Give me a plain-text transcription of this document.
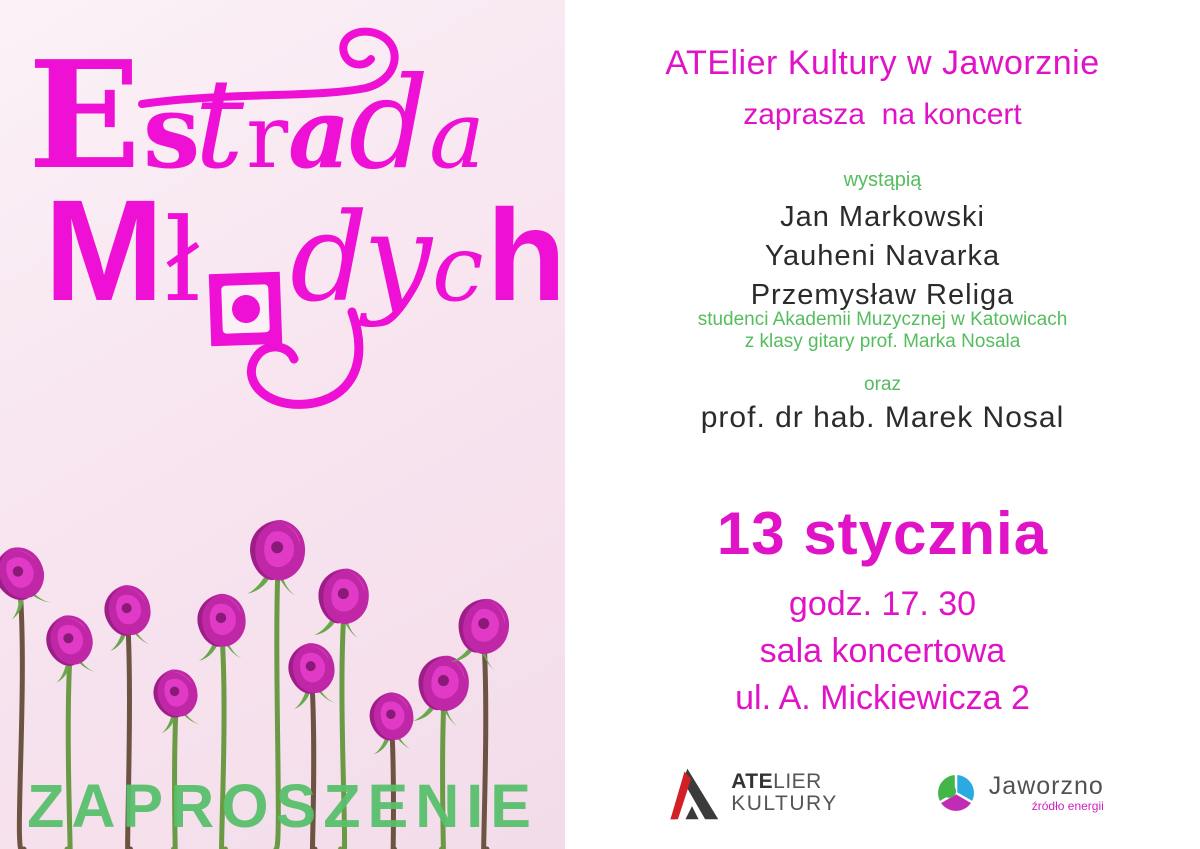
E s
t r a
d a
M ł d
y c h
ZAPROSZENIE
ATElier Kultury w Jaworznie
zaprasza  na koncert
wystąpią
Jan Markowski
Yauheni Navarka
Przemysław Religa
studenci Akademii Muzycznej w Katowicach
z klasy gitary prof. Marka Nosala
oraz
prof. dr hab. Marek Nosal
13 stycznia
godz. 17. 30
sala koncertowa
ul. A. Mickiewicza 2
ATELIER
KULTURY
Jaworzno
źródło energii
